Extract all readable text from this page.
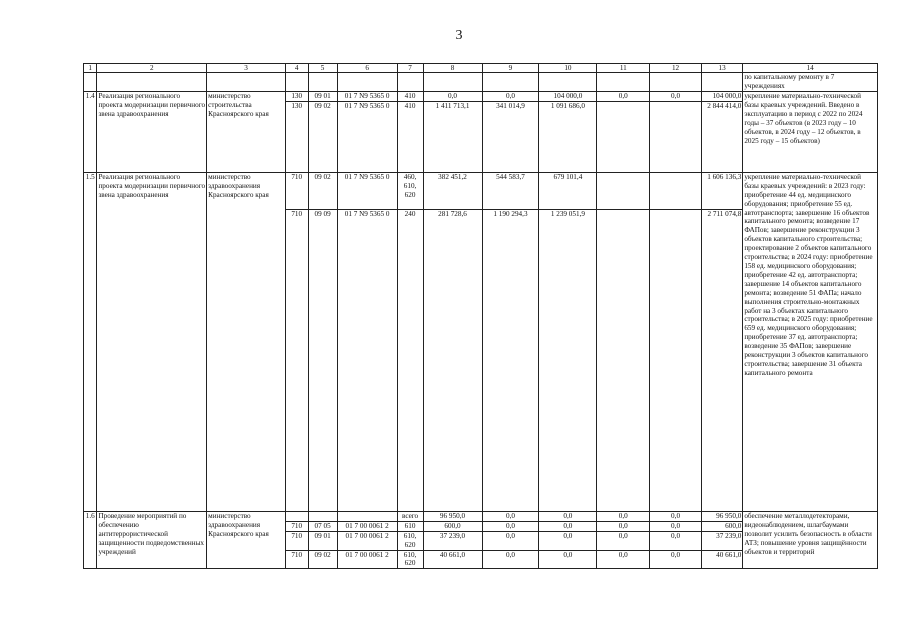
3
1	2	3	4	5	6	7	8	9	10	11	12	13	14
													по капитальному ремонту в 7 учреждениях
1.4	Реализация регионального проекта модернизации первичного звена здравоохранения	министерство строительства Красноярского края	130	09 01	01 7 N9 5365 0	410	0,0	0,0	104 000,0	0,0	0,0	104 000,0	укрепление материально-технической базы краевых учреждений. Введено в эксплуатацию в период с 2022 по 2024 годы – 37 объектов (в 2023 году – 10 объектов, в 2024 году – 12 объектов, в 2025 году – 15 объектов)
			130	09 02	01 7 N9 5365 0	410	1 411 713,1	341 014,9	1 091 686,0			2 844 414,0	
1.5	Реализация регионального проекта модернизации первичного звена здравоохранения	министерство здравоохранения Красноярского края	710	09 02	01 7 N9 5365 0	460, 610, 620	382 451,2	544 583,7	679 101,4			1 606 136,3	укрепление материально-технической базы краевых учреждений: в 2023 году: приобретение 44 ед. медицинского оборудования; приобретение 55 ед. автотранспорта; завершение 16 объектов капитального ремонта; возведение 17 ФАПов; завершение реконструкции 3 объектов капитального строительства; проектирование 2 объектов капитального строительства; в 2024 году: приобретение 158 ед. медицинского оборудования; приобретение 42 ед. автотранспорта; завершение 14 объектов капитального ремонта; возведение 51 ФАПа; начало выполнения строительно-монтажных работ на 3 объектах капитального строительства; в 2025 году: приобретение 659 ед. медицинского оборудования; приобретение 37 ед. автотранспорта; возведение 35 ФАПов; завершение реконструкции 3 объектов капитального строительства; завершение 31 объекта капитального ремонта
			710	09 09	01 7 N9 5365 0	240	281 728,6	1 190 294,3	1 239 051,9			2 711 074,8	
1.6	Проведение мероприятий по обеспечению антитеррористической защищенности подведомственных учреждений	министерство здравоохранения Красноярского края				всего	96 950,0	0,0	0,0	0,0	0,0	96 950,0	обеспечение металлодетекторами, видеонаблюдением, шлагбаумами позволит усилить безопасность в области АТЗ; повышение уровня защищённости объектов и территорий
			710	07 05	01 7 00 0061 2	610	600,0	0,0	0,0	0,0	0,0	600,0	
			710	09 01	01 7 00 0061 2	610, 620	37 239,0	0,0	0,0	0,0	0,0	37 239,0	
			710	09 02	01 7 00 0061 2	610, 620	40 661,0	0,0	0,0	0,0	0,0	40 661,0	
